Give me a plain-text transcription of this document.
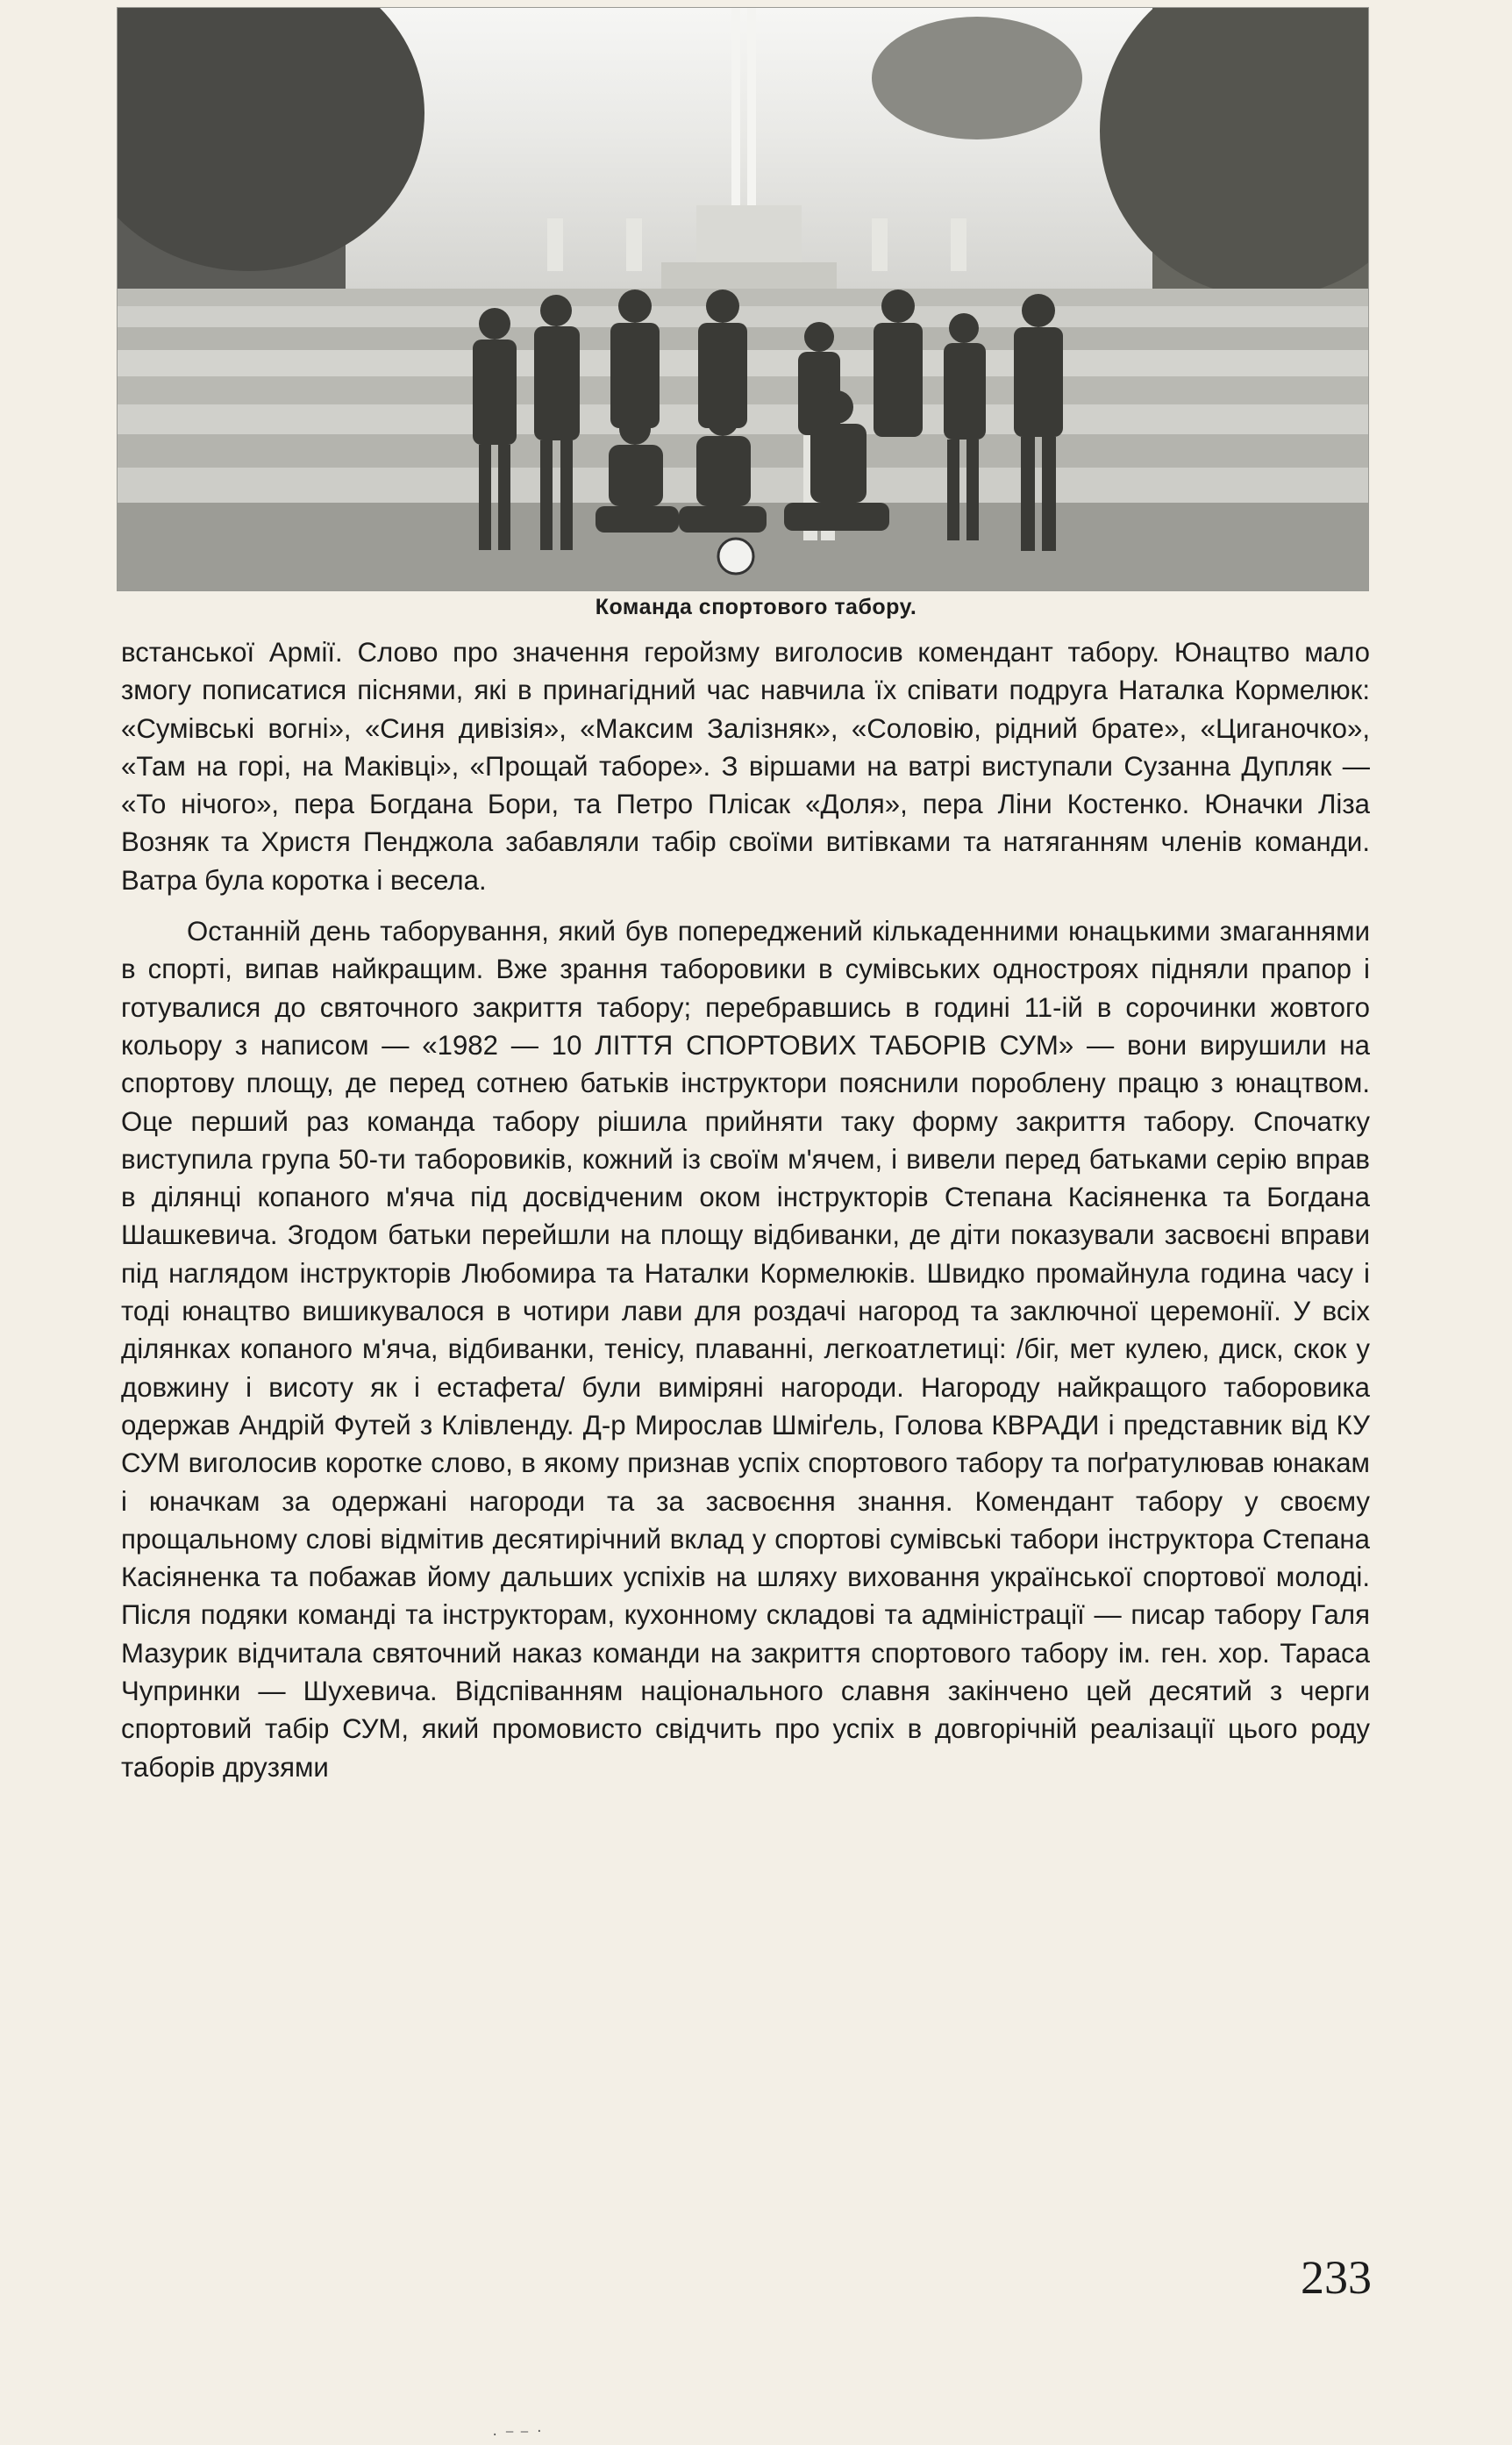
Команда спортового табору.

встанської Армії. Слово про значення геройзму виголосив комендант табору. Юнацтво мало змогу пописатися піснями, які в принагідний час навчила їх співати подруга Наталка Кормелюк: «Сумівські вогні», «Синя дивізія», «Максим Залізняк», «Соловію, рідний брате», «Циганочко», «Там на горі, на Маківці», «Прощай таборе». З віршами на ватрі виступали Сузанна Дупляк — «То нічого», пера Богдана Бори, та Петро Плісак «Доля», пера Ліни Костенко. Юначки Ліза Возняк та Христя Пенджола забавляли табір своїми витівками та натяганням членів команди. Ватра була коротка і весела.

Останній день таборування, який був попереджений кількаденними юнацькими змаганнями в спорті, випав найкращим. Вже зрання таборовики в сумівських одностроях підняли прапор і готувалися до святочного закриття табору; перебравшись в годині 11-ій в сорочинки жовтого кольору з написом — «1982 — 10 ЛІТТЯ СПОРТОВИХ ТАБОРІВ СУМ» — вони вирушили на спортову площу, де перед сотнею батьків інструктори пояснили пороблену працю з юнацтвом. Оце перший раз команда табору рішила прийняти таку форму закриття табору. Спочатку виступила група 50-ти таборовиків, кожний із своїм м'ячем, і вивели перед батьками серію вправ в ділянці копаного м'яча під досвідченим оком інструкторів Степана Касіяненка та Богдана Шашкевича. Згодом батьки перейшли на площу відбиванки, де діти показували засвоєні вправи під наглядом інструкторів Любомира та Наталки Кормелюків. Швидко промайнула година часу і тоді юнацтво вишикувалося в чотири лави для роздачі нагород та заключної церемонії. У всіх ділянках копаного м'яча, відбиванки, тенісу, плаванні, легкоатлетиці: /біг, мет кулею, диск, скок у довжину і висоту як і естафета/ були виміряні нагороди. Нагороду найкращого таборовика одержав Андрій Футей з Клівленду. Д-р Мирослав Шміґель, Голова КВРАДИ і представник від КУ СУМ виголосив коротке слово, в якому признав успіх спортового табору та поґратулював юнакам і юначкам за одержані нагороди та за засвоєння знання. Комендант табору у своєму прощальному слові відмітив десятирічний вклад у спортові сумівські табори інструктора Степана Касіяненка та побажав йому дальших успіхів на шляху виховання української спортової молоді. Після подяки команді та інструкторам, кухонному складові та адміністрації — писар табору Галя Мазурик відчитала святочний наказ команди на закриття спортового табору ім. ген. хор. Тараса Чупринки — Шухевича. Відспіванням національного славня закінчено цей десятий з черги спортовий табір СУМ, який промовисто свідчить про успіх в довгорічній реалізації цього роду таборів друзями

233
. — — ·
